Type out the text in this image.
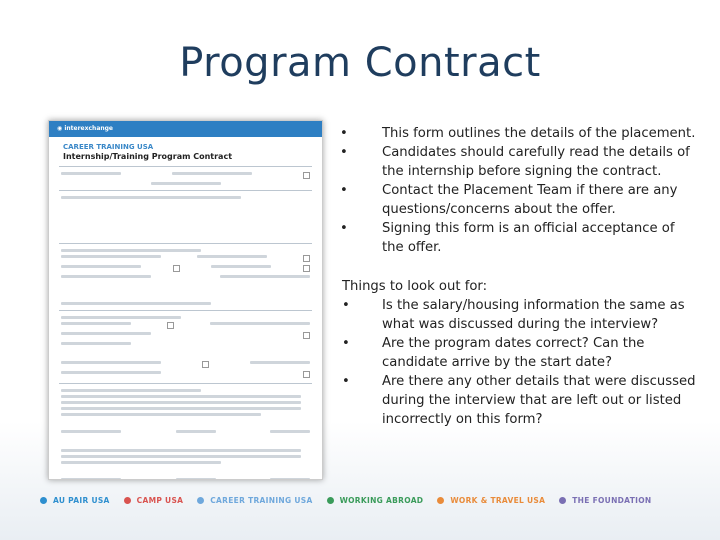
Program Contract
◉ interexchange
CAREER TRAINING USA
Internship/Training Program Contract
•	This form outlines the details of the placement.
•	Candidates should carefully read the details of the internship before signing the contract.
•	Contact the Placement Team if there are any questions/concerns about the offer.
•	Signing this form is an official acceptance of the offer.
Things to look out for:
•	Is the salary/housing information the same as what was discussed during the interview?
•	Are the program dates correct? Can the candidate arrive by the start date?
•	Are there any other details that were discussed during the interview that are left out or listed incorrectly on this form?
AU PAIR USA	CAMP USA	CAREER TRAINING USA	WORKING ABROAD	WORK & TRAVEL USA	THE FOUNDATION
